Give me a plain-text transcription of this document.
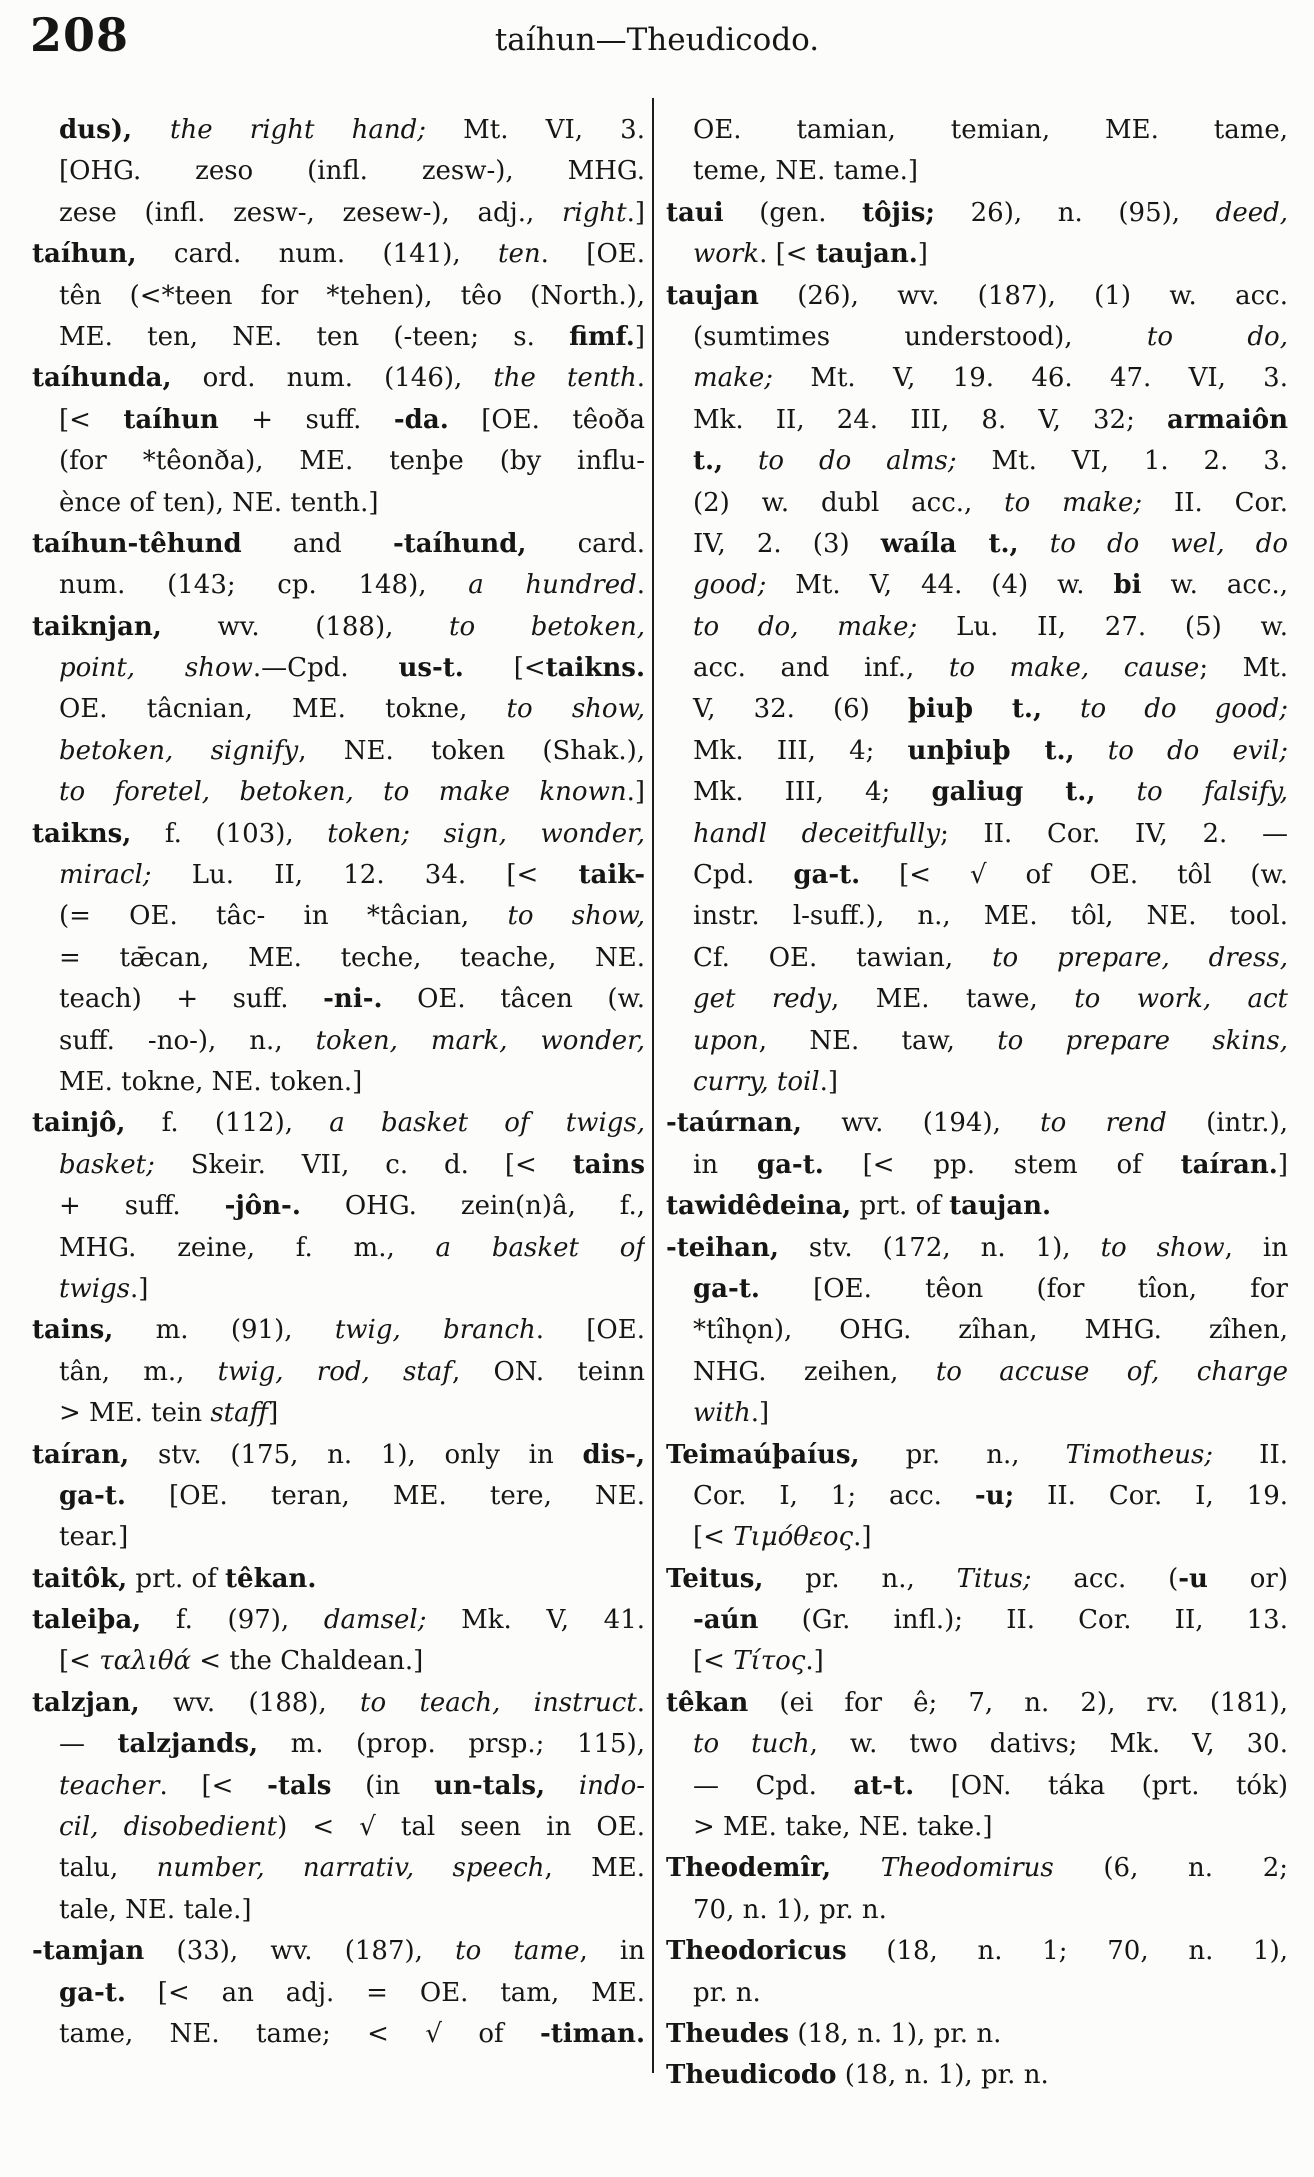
208	taíhun—Theudicodo.
dus), the right hand; Mt. VI, 3.
[OHG. zeso (infl. zesw-), MHG.
zese (infl. zesw-, zesew-), adj., right.]
taíhun, card. num. (141), ten. [OE.
tên (<*teen for *tehen), têo (North.),
ME. ten, NE. ten (-teen; s. fimf.]
taíhunda, ord. num. (146), the tenth.
[< taíhun + suff. -da. [OE. têoða
(for *têonða), ME. tenþe (by influ-
ènce of ten), NE. tenth.]
taíhun-têhund and -taíhund, card.
num. (143; cp. 148), a hundred.
taiknjan, wv. (188), to betoken,
point, show.—Cpd. us-t. [<taikns.
OE. tâcnian, ME. tokne, to show,
betoken, signify, NE. token (Shak.),
to foretel, betoken, to make known.]
taikns, f. (103), token; sign, wonder,
miracl; Lu. II, 12. 34. [< taik-
(= OE. tâc- in *tâcian, to show,
= tǣcan, ME. teche, teache, NE.
teach) + suff. -ni-. OE. tâcen (w.
suff. -no-), n., token, mark, wonder,
ME. tokne, NE. token.]
tainjô, f. (112), a basket of twigs,
basket; Skeir. VII, c. d. [< tains
+ suff. -jôn-. OHG. zein(n)â, f.,
MHG. zeine, f. m., a basket of
twigs.]
tains, m. (91), twig, branch. [OE.
tân, m., twig, rod, staf, ON. teinn
> ME. tein staff]
taíran, stv. (175, n. 1), only in dis-,
ga-t. [OE. teran, ME. tere, NE.
tear.]
taitôk, prt. of têkan.
taleiþa, f. (97), damsel; Mk. V, 41.
[< ταλιθά < the Chaldean.]
talzjan, wv. (188), to teach, instruct.
— talzjands, m. (prop. prsp.; 115),
teacher. [< -tals (in un-tals, indo-
cil, disobedient) < √ tal seen in OE.
talu, number, narrativ, speech, ME.
tale, NE. tale.]
-tamjan (33), wv. (187), to tame, in
ga-t. [< an adj. = OE. tam, ME.
tame, NE. tame; < √ of -timan.
OE. tamian, temian, ME. tame,
teme, NE. tame.]
taui (gen. tôjis; 26), n. (95), deed,
work. [< taujan.]
taujan (26), wv. (187), (1) w. acc.
(sumtimes understood), to do,
make; Mt. V, 19. 46. 47. VI, 3.
Mk. II, 24. III, 8. V, 32; armaiôn
t., to do alms; Mt. VI, 1. 2. 3.
(2) w. dubl acc., to make; II. Cor.
IV, 2. (3) waíla t., to do wel, do
good; Mt. V, 44. (4) w. bi w. acc.,
to do, make; Lu. II, 27. (5) w.
acc. and inf., to make, cause; Mt.
V, 32. (6) þiuþ t., to do good;
Mk. III, 4; unþiuþ t., to do evil;
Mk. III, 4; galiug t., to falsify,
handl deceitfully; II. Cor. IV, 2. —
Cpd. ga-t. [< √ of OE. tôl (w.
instr. l-suff.), n., ME. tôl, NE. tool.
Cf. OE. tawian, to prepare, dress,
get redy, ME. tawe, to work, act
upon, NE. taw, to prepare skins,
curry, toil.]
-taúrnan, wv. (194), to rend (intr.),
in ga-t. [< pp. stem of taíran.]
tawidêdeina, prt. of taujan.
-teihan, stv. (172, n. 1), to show, in
ga-t. [OE. têon (for tîon, for
*tîhǫn), OHG. zîhan, MHG. zîhen,
NHG. zeihen, to accuse of, charge
with.]
Teimaúþaíus, pr. n., Timotheus; II.
Cor. I, 1; acc. -u; II. Cor. I, 19.
[< Τιμόθεος.]
Teitus, pr. n., Titus; acc. (-u or)
-aún (Gr. infl.); II. Cor. II, 13.
[< Τίτος.]
têkan (ei for ê; 7, n. 2), rv. (181),
to tuch, w. two dativs; Mk. V, 30.
— Cpd. at-t. [ON. táka (prt. tók)
> ME. take, NE. take.]
Theodemîr, Theodomirus (6, n. 2;
70, n. 1), pr. n.
Theodoricus (18, n. 1; 70, n. 1),
pr. n.
Theudes (18, n. 1), pr. n.
Theudicodo (18, n. 1), pr. n.
